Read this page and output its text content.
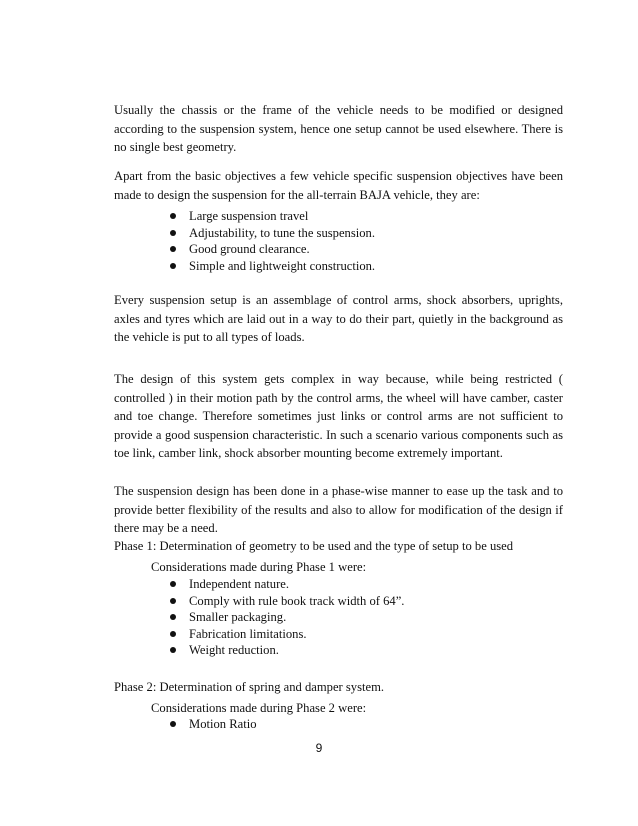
Usually the chassis or the frame of the vehicle needs to be modified or designed according to the suspension system, hence one setup cannot be used elsewhere. There is no single best geometry.

Apart from the basic objectives a few vehicle specific suspension objectives have been made to design the suspension for the all-terrain BAJA vehicle, they are:

Large suspension travel
Adjustability, to tune the suspension.
Good ground clearance.
Simple and lightweight construction.

Every suspension setup is an assemblage of control arms, shock absorbers, uprights, axles and tyres which are laid out in a way to do their part, quietly in the background as the vehicle is put to all types of loads.

The design of this system gets complex in way because, while being restricted ( controlled ) in their motion path by the control arms, the wheel will have camber, caster and toe change. Therefore sometimes just links or control arms are not sufficient to provide a good suspension characteristic. In such a scenario various components such as toe link, camber link, shock absorber mounting become extremely important.

The suspension design has been done in a phase-wise manner to ease up the task and to provide better flexibility of the results and also to allow for modification of the design if there may be a need.

Phase 1: Determination of geometry to be used and the type of setup to be used

Considerations made during Phase 1 were:

Independent nature.
Comply with rule book track width of 64”.
Smaller packaging.
Fabrication limitations.
Weight reduction.

Phase 2: Determination of spring and damper system.

Considerations made during Phase 2 were:

Motion Ratio
9
